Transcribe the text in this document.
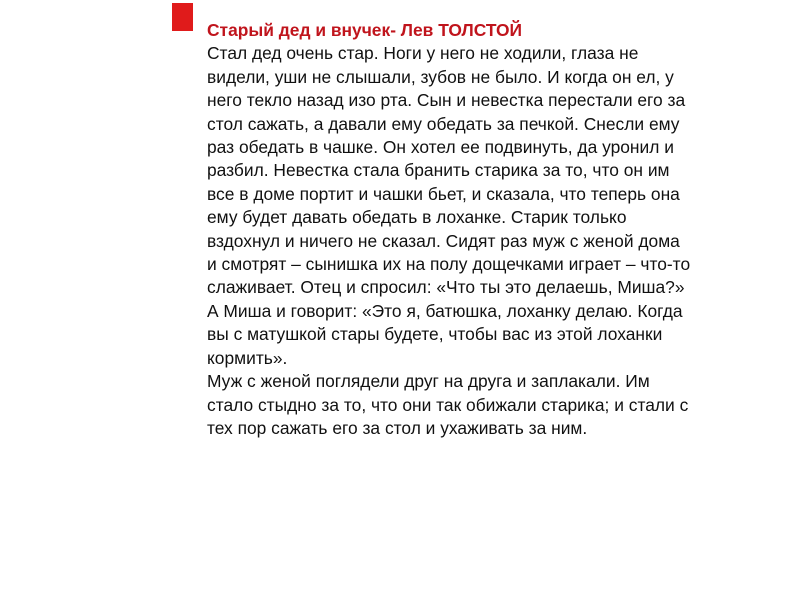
Старый дед и внучек- Лев ТОЛСТОЙ
Стал дед очень стар. Ноги у него не ходили, глаза не
видели, уши не слышали, зубов не было. И когда он ел, у
него текло назад изо рта. Сын и невестка перестали его за
стол сажать, а давали ему обедать за печкой. Снесли ему
раз обедать в чашке. Он хотел ее подвинуть, да уронил и
разбил. Невестка стала бранить старика за то, что он им
все в доме портит и чашки бьет, и сказала, что теперь она
ему будет давать обедать в лоханке. Старик только
вздохнул и ничего не сказал. Сидят раз муж с женой дома
и смотрят – сынишка их на полу дощечками играет – что-то
слаживает. Отец и спросил: «Что ты это делаешь, Миша?»
А Миша и говорит: «Это я, батюшка, лоханку делаю. Когда
вы с матушкой стары будете, чтобы вас из этой лоханки
кормить».
Муж с женой поглядели друг на друга и заплакали. Им
стало стыдно за то, что они так обижали старика; и стали с
тех пор сажать его за стол и ухаживать за ним.
